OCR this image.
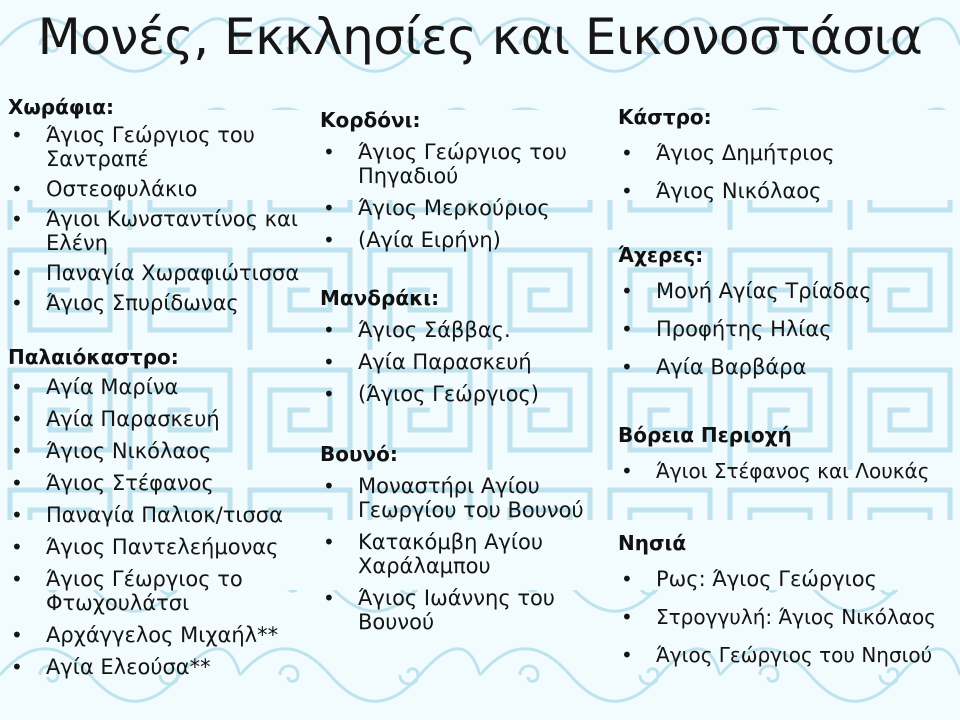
Μονές, Εκκλησίες και Εικονοστάσια
Χωράφια:
• Άγιος Γεώργιος του Σαντραπέ
• Οστεοφυλάκιο
• Άγιοι Κωνσταντίνος και Ελένη
• Παναγία Χωραφιώτισσα
• Άγιος Σπυρίδωνας
Παλαιόκαστρο:
• Αγία Μαρίνα
• Αγία Παρασκευή
• Άγιος Νικόλαος
• Άγιος Στέφανος
• Παναγία Παλιοκ/τισσα
• Άγιος Παντελεήμονας
• Άγιος Γέωργιος το Φτωχουλάτσι
• Αρχάγγελος Μιχαήλ**
• Αγία Ελεούσα**
Κορδόνι:
• Άγιος Γεώργιος του Πηγαδιού
• Άγιος Μερκούριος
• (Αγία Ειρήνη)
Μανδράκι:
• Άγιος Σάββας.
• Αγία Παρασκευή
• (Άγιος Γεώργιος)
Βουνό:
• Μοναστήρι Αγίου Γεωργίου του Βουνού
• Κατακόμβη Αγίου Χαράλαμπου
• Άγιος Ιωάννης του Βουνού
Κάστρο:
• Άγιος Δημήτριος
• Άγιος Νικόλαος
Άχερες:
• Μονή Αγίας Τρίαδας
• Προφήτης Ηλίας
• Αγία Βαρβάρα
Βόρεια Περιοχή
• Άγιοι Στέφανος και Λουκάς
Νησιά
• Ρως: Άγιος Γεώργιος
• Στρογγυλή: Άγιος Νικόλαος
• Άγιος Γεώργιος του Νησιού
